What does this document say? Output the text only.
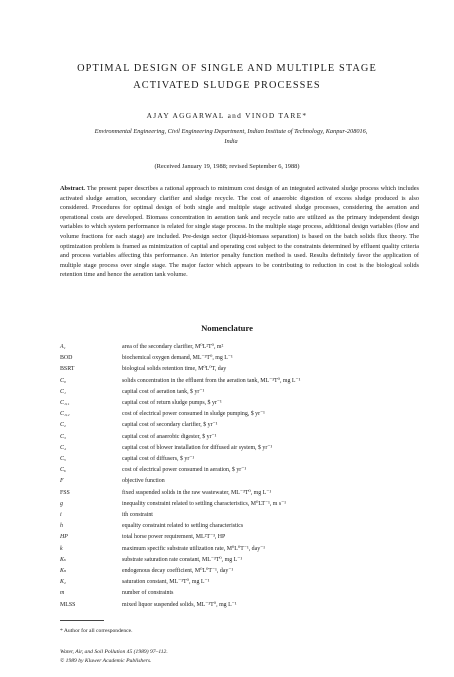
OPTIMAL DESIGN OF SINGLE AND MULTIPLE STAGE
ACTIVATED SLUDGE PROCESSES
AJAY AGGARWAL and VINOD TARE*
Environmental Engineering, Civil Engineering Department, Indian Institute of Technology, Kanpur-208016,
India
(Received January 19, 1988; revised September 6, 1988)
Abstract. The present paper describes a rational approach to minimum cost design of an integrated activated sludge process which includes activated sludge aeration, secondary clarifier and sludge recycle. The cost of anaerobic digestion of excess sludge produced is also considered. Procedures for optimal design of both single and multiple stage activated sludge processes, considering the aeration and operational costs are developed. Biomass concentration in aeration tank and recycle ratio are utilized as the primary independent design variables to which system performance is related for single stage process. In the multiple stage process, additional design variables (flow and volume fractions for each stage) are included. Pre-design sector (liquid-biomass separation) is based on the batch solids flux theory. The optimization problem is framed as minimization of capital and operating cost subject to the constraints determined by effluent quality criteria and process variables affecting this performance. An interior penalty function method is used. Results definitely favor the application of multiple stage process over single stage. The major factor which appears to be contributing to reduction in cost is the biological solids retention time and hence the aeration tank volume.
Nomenclature
A₁	area of the secondary clarifier, M⁰L²T⁰, m²
BOD	biochemical oxygen demand, ML⁻³T⁰, mg L⁻¹
BSRT	biological solids retention time, M⁰L⁰T, day
C₀	solids concentration in the effluent from the aeration tank, ML⁻³T⁰, mg L⁻¹
C₁	capital cost of aeration tank, $ yr⁻¹
C₁,₁	capital cost of return sludge pumps, $ yr⁻¹
C₁,₂	cost of electrical power consumed in sludge pumping, $ yr⁻¹
C₂	capital cost of secondary clarifier, $ yr⁻¹
C₃	capital cost of anaerobic digester, $ yr⁻¹
C₄	capital cost of blower installation for diffused air system, $ yr⁻¹
C₅	capital cost of diffusers, $ yr⁻¹
C₆	cost of electrical power consumed in aeration, $ yr⁻¹
F	objective function
FSS	fixed suspended solids in the raw wastewater, ML⁻³T⁰, mg L⁻¹
g	inequality constraint related to settling characteristics, M⁰LT⁻¹, m s⁻¹
i	ith constraint
h	equality constraint related to settling characteristics
HP	total horse power requirement, ML²T⁻³, HP
k	maximum specific substrate utilization rate, M⁰L⁰T⁻¹, day⁻¹
Kₛ	substrate saturation rate constant, ML⁻³T⁰, mg L⁻¹
Kₙ	endogenous decay coefficient, M⁰L⁰T⁻¹, day⁻¹
K₂	saturation constant, ML⁻³T⁰, mg L⁻¹
m	number of constraints
MLSS	mixed liquor suspended solids, ML⁻³T⁰, mg L⁻¹
* Author for all correspondence.
Water, Air, and Soil Pollution 45 (1989) 97–112.
© 1989 by Kluwer Academic Publishers.
